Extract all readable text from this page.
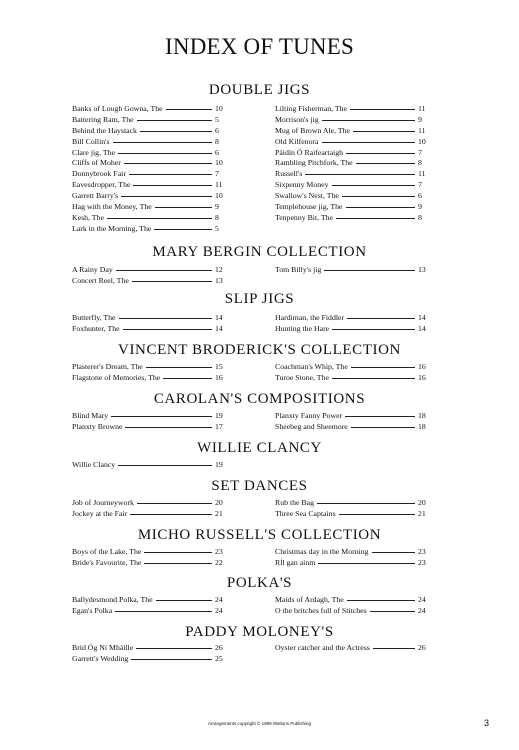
INDEX OF TUNES
DOUBLE JIGS
Banks of Lough Gowna, The	10
Battering Ram, The	5
Behind the Haystack	6
Bill Collin's	8
Clare jig, The	6
Cliffs of Moher	10
Donnybrook Fair	7
Eavesdropper, The	11
Garrett Barry's	10
Hag with the Money, The	9
Kesh, The	8
Lark in the Morning, The	5
Lilting Fisherman, The	11
Morrison's jig	9
Mug of Brown Ale, The	11
Old Kilfenora	10
Páidín Ó Raifeartaigh	7
Rambling Pitchfork, The	8
Russell's	11
Sixpenny Money	7
Swallow's Nest, The	6
Templehouse jig, The	9
Tenpenny Bit, The	8
MARY BERGIN COLLECTION
A Rainy Day	12
Concert Reel, The	13
Tom Billy's jig	13
SLIP JIGS
Butterfly, The	14
Foxhunter, The	14
Hardiman, the Fiddler	14
Hunting the Hare	14
VINCENT BRODERICK'S COLLECTION
Plasterer's Dream, The	15
Flagstone of Memories, The	16
Coachman's Whip, The	16
Turoe Stone, The	16
CAROLAN'S COMPOSITIONS
Blind Mary	19
Planxty Browne	17
Planxty Fanny Power	18
Sheebeg and Sheemore	18
WILLIE CLANCY
Willie Clancy	19
SET DANCES
Job of Journeywork	20
Jockey at the Fair	21
Rub the Bag	20
Three Sea Captains	21
MICHO RUSSELL'S COLLECTION
Boys of the Lake, The	23
Bride's Favourite, The	22
Christmas day in the Morning	23
Rĺl gan ainm	23
POLKA'S
Ballydesmond Polka, The	24
Egan's Polka	24
Maids of Ardagh, The	24
O the britches full of Stitches	24
PADDY MOLONEY'S
Bríd Óg Ní Mháille	26
Garrett's Wedding	25
Oyster catcher and the Actress	26
Arrangements copyright © 1989 Waltons Publishing	3
